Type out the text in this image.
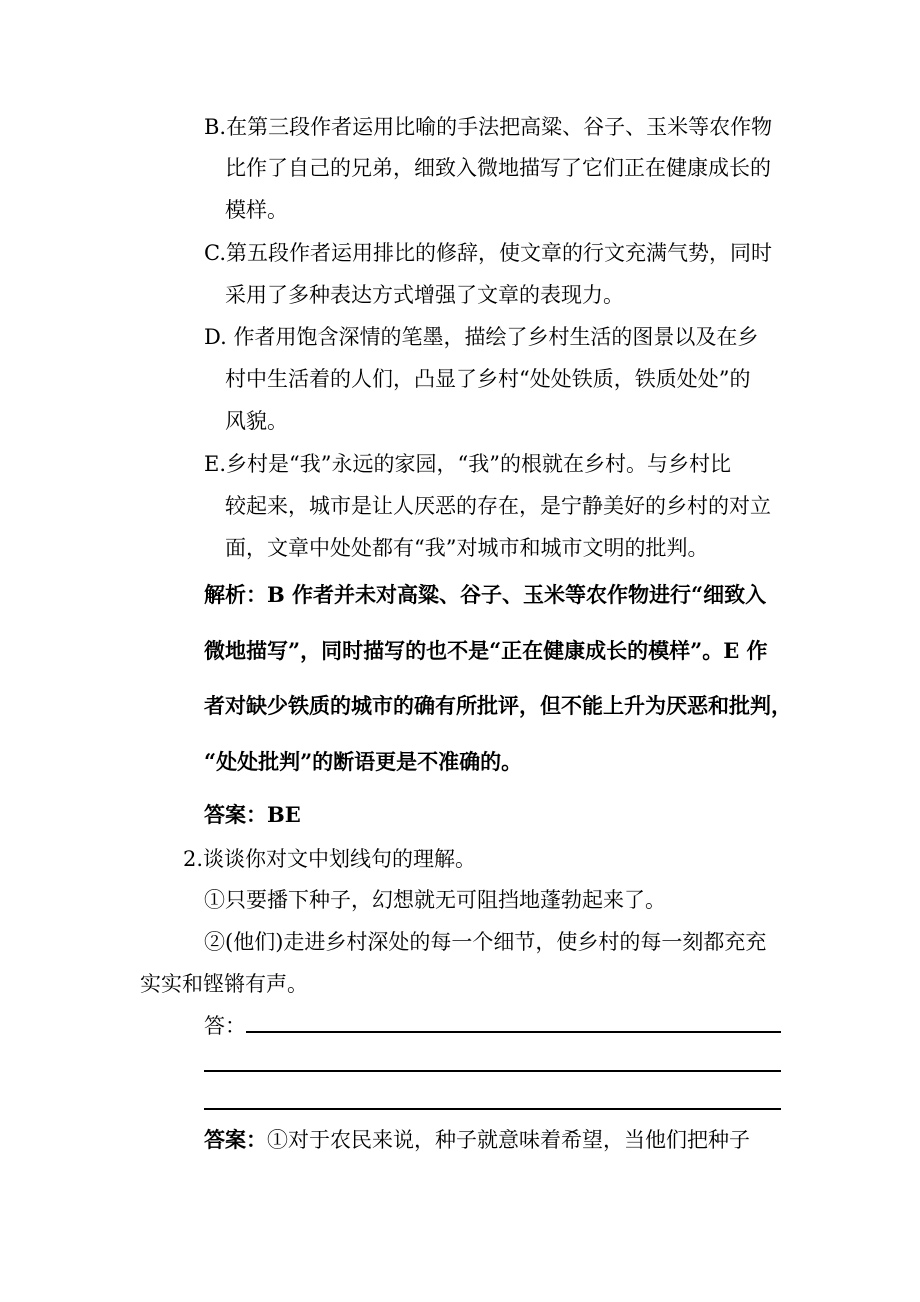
B.在第三段作者运用比喻的手法把高粱、谷子、玉米等农作物
比作了自己的兄弟，细致入微地描写了它们正在健康成长的
模样。
C.第五段作者运用排比的修辞，使文章的行文充满气势，同时
采用了多种表达方式增强了文章的表现力。
D. 作者用饱含深情的笔墨，描绘了乡村生活的图景以及在乡
村中生活着的人们，凸显了乡村“处处铁质，铁质处处”的
风貌。
E.乡村是“我”永远的家园，“我”的根就在乡村。与乡村比
较起来，城市是让人厌恶的存在，是宁静美好的乡村的对立
面，文章中处处都有“我”对城市和城市文明的批判。
解析：B 作者并未对高粱、谷子、玉米等农作物进行“细致入
微地描写”，同时描写的也不是“正在健康成长的模样”。E 作
者对缺少铁质的城市的确有所批评，但不能上升为厌恶和批判，
“处处批判”的断语更是不准确的。
答案：BE
2.谈谈你对文中划线句的理解。
①只要播下种子，幻想就无可阻挡地蓬勃起来了。
②(他们)走进乡村深处的每一个细节，使乡村的每一刻都充充
实实和铿锵有声。
答：
答案：①对于农民来说，种子就意味着希望，当他们把种子
